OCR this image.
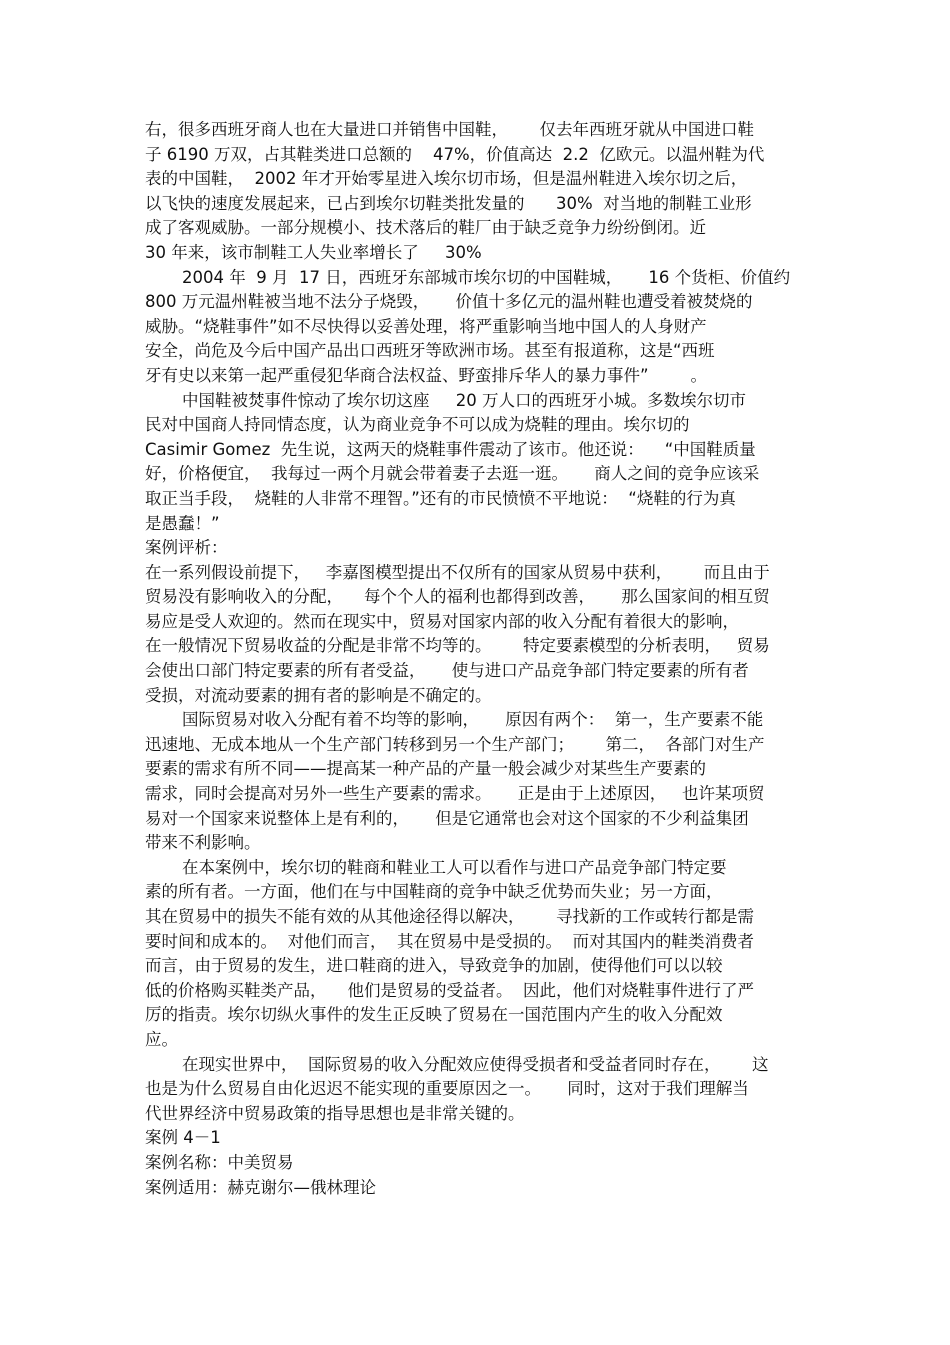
右，很多西班牙商人也在大量进口并销售中国鞋，      仅去年西班牙就从中国进口鞋
子 6190 万双，占其鞋类进口总额的    47%，价值高达  2.2  亿欧元。以温州鞋为代
表的中国鞋，  2002 年才开始零星进入埃尔切市场，但是温州鞋进入埃尔切之后，
以飞快的速度发展起来，已占到埃尔切鞋类批发量的      30%  对当地的制鞋工业形
成了客观威胁。一部分规模小、技术落后的鞋厂由于缺乏竞争力纷纷倒闭。近
30 年来，该市制鞋工人失业率增长了     30%
2004 年  9 月  17 日，西班牙东部城市埃尔切的中国鞋城，     16 个货柜、价值约
800 万元温州鞋被当地不法分子烧毁，     价值十多亿元的温州鞋也遭受着被焚烧的
威胁。“烧鞋事件”如不尽快得以妥善处理，将严重影响当地中国人的人身财产
安全，尚危及今后中国产品出口西班牙等欧洲市场。甚至有报道称，这是“西班
牙有史以来第一起严重侵犯华商合法权益、野蛮排斥华人的暴力事件”        。
中国鞋被焚事件惊动了埃尔切这座     20 万人口的西班牙小城。多数埃尔切市
民对中国商人持同情态度，认为商业竞争不可以成为烧鞋的理由。埃尔切的
Casimir Gomez  先生说，这两天的烧鞋事件震动了该市。他还说：    “中国鞋质量
好，价格便宜，  我每过一两个月就会带着妻子去逛一逛。     商人之间的竞争应该采
取正当手段，  烧鞋的人非常不理智。”还有的市民愤愤不平地说：  “烧鞋的行为真
是愚蠢！”
案例评析：
在一系列假设前提下，   李嘉图模型提出不仅所有的国家从贸易中获利，      而且由于
贸易没有影响收入的分配，    每个个人的福利也都得到改善，     那么国家间的相互贸
易应是受人欢迎的。然而在现实中，贸易对国家内部的收入分配有着很大的影响，
在一般情况下贸易收益的分配是非常不均等的。      特定要素模型的分析表明，   贸易
会使出口部门特定要素的所有者受益，     使与进口产品竞争部门特定要素的所有者
受损，对流动要素的拥有者的影响是不确定的。
国际贸易对收入分配有着不均等的影响，     原因有两个：  第一，生产要素不能
迅速地、无成本地从一个生产部门转移到另一个生产部门；      第二，  各部门对生产
要素的需求有所不同——提高某一种产品的产量一般会减少对某些生产要素的
需求，同时会提高对另外一些生产要素的需求。     正是由于上述原因，   也许某项贸
易对一个国家来说整体上是有利的，     但是它通常也会对这个国家的不少利益集团
带来不利影响。
在本案例中，埃尔切的鞋商和鞋业工人可以看作与进口产品竞争部门特定要
素的所有者。一方面，他们在与中国鞋商的竞争中缺乏优势而失业；另一方面，
其在贸易中的损失不能有效的从其他途径得以解决，      寻找新的工作或转行都是需
要时间和成本的。  对他们而言，  其在贸易中是受损的。  而对其国内的鞋类消费者
而言，由于贸易的发生，进口鞋商的进入，导致竞争的加剧，使得他们可以以较
低的价格购买鞋类产品，    他们是贸易的受益者。  因此，他们对烧鞋事件进行了严
厉的指责。埃尔切纵火事件的发生正反映了贸易在一国范围内产生的收入分配效
应。
在现实世界中，  国际贸易的收入分配效应使得受损者和受益者同时存在，      这
也是为什么贸易自由化迟迟不能实现的重要原因之一。     同时，这对于我们理解当
代世界经济中贸易政策的指导思想也是非常关键的。
案例 4－1
案例名称：中美贸易
案例适用：赫克谢尔—俄林理论
